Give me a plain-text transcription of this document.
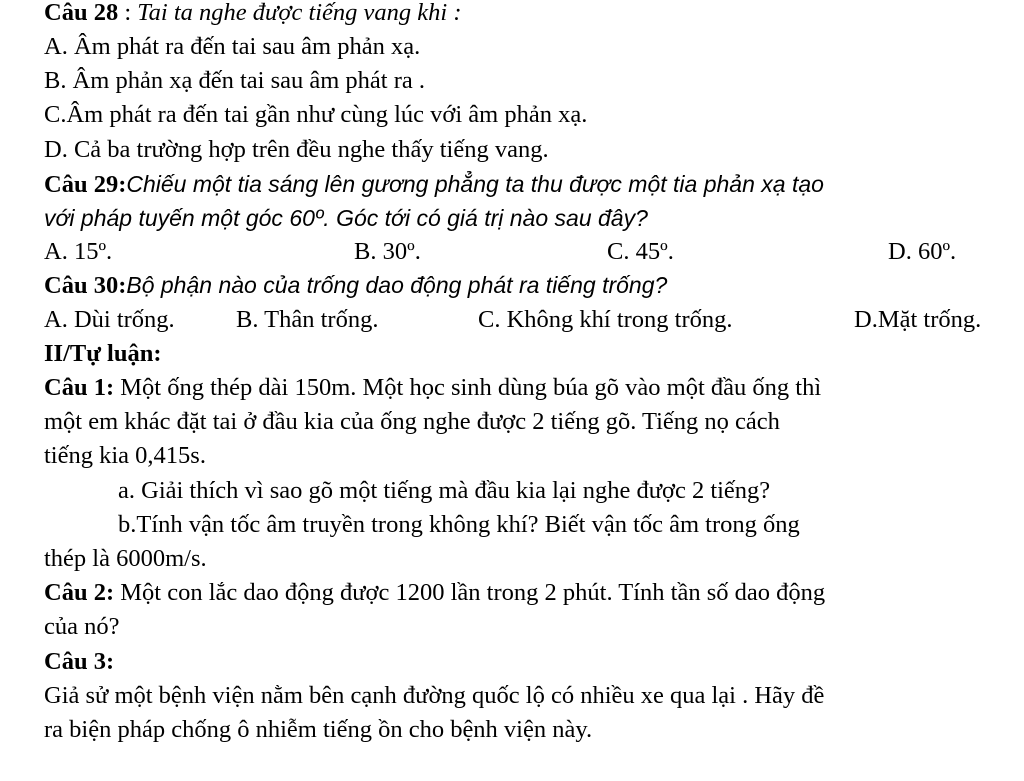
Câu 28 : Tai ta nghe được tiếng vang khi :
A. Âm phát ra đến tai sau âm phản xạ.
B. Âm phản xạ đến tai sau âm phát ra .
C.Âm phát ra đến tai gần như cùng lúc với âm phản xạ.
D. Cả ba trường hợp trên đều nghe thấy tiếng vang.
Câu 29:Chiếu một tia sáng lên gương phẳng ta thu được một tia phản xạ tạo
với pháp tuyến một góc 60º. Góc tới có giá trị nào sau đây?
A. 15º.	B. 30º.	C. 45º.	D. 60º.
Câu 30:Bộ phận nào của trống dao động phát ra tiếng trống?
A. Dùi trống.	B. Thân trống.	C. Không khí trong trống.	D.Mặt trống.
II/Tự luận:
Câu 1: Một ống thép dài 150m. Một học sinh dùng búa gõ vào một đầu ống thì
một em khác đặt tai ở đầu kia của ống nghe được 2 tiếng gõ. Tiếng nọ cách
tiếng kia 0,415s.
a. Giải thích vì sao gõ một tiếng mà đầu kia lại nghe được 2 tiếng?
b.Tính vận tốc âm truyền trong không khí? Biết vận tốc âm trong ống
thép là 6000m/s.
Câu 2: Một con lắc dao động được 1200 lần trong 2 phút. Tính tần số dao động
của nó?
Câu 3:
Giả sử một bệnh viện nằm bên cạnh đường quốc lộ có nhiều xe qua lại . Hãy đề
ra biện pháp chống ô nhiễm tiếng ồn cho bệnh viện này.
